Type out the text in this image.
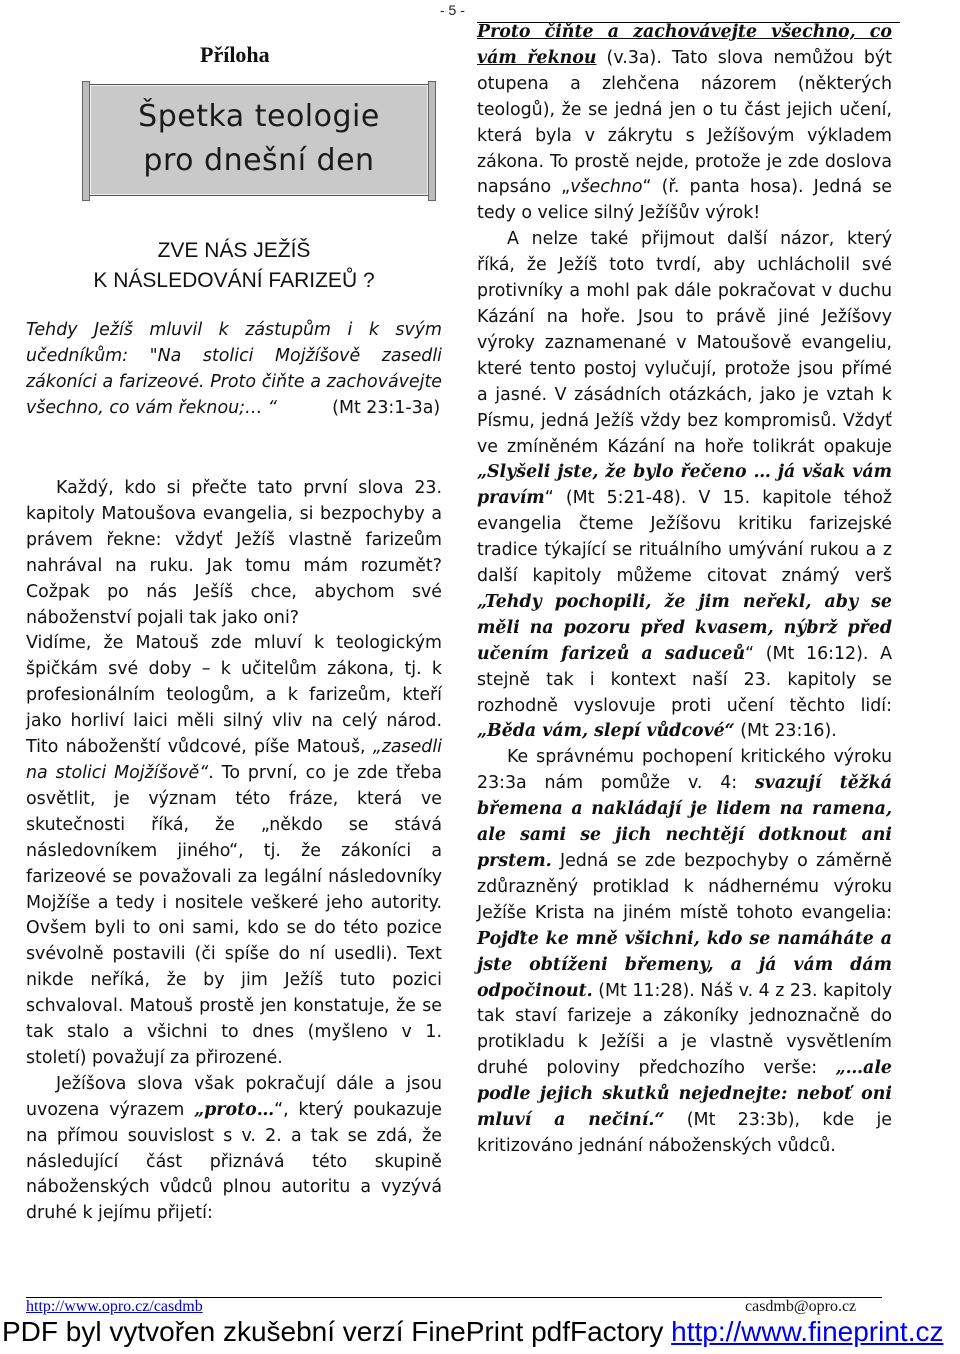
- 5 -
Příloha
Špetka teologie
pro dnešní den
ZVE NÁS JEŽÍŠ
K NÁSLEDOVÁNÍ FARIZEŮ ?

Tehdy Ježíš mluvil k zástupům i k svým učedníkům: "Na stolici Mojžíšově zasedli zákoníci a farizeové. Proto čiňte a zachovávejte všechno, co vám řeknou;… “	(Mt 23:1-3a)

Každý, kdo si přečte tato první slova 23. kapitoly Matoušova evangelia, si bezpochyby a právem řekne: vždyť Ježíš vlastně farizeům nahrával na ruku. Jak tomu mám rozumět? Cožpak po nás Ješíš chce, abychom své náboženství pojali tak jako oni?

Vidíme, že Matouš zde mluví k teologickým špičkám své doby – k učitelům zákona, tj. k profesionálním teologům, a k farizeům, kteří jako horliví laici měli silný vliv na celý národ. Tito náboženští vůdcové, píše Matouš, „zasedli na stolici Mojžíšově“. To první, co je zde třeba osvětlit, je význam této fráze, která ve skutečnosti říká, že „někdo se stává následovníkem jiného“, tj. že zákoníci a farizeové se považovali za legální následovníky Mojžíše a tedy i nositele veškeré jeho autority. Ovšem byli to oni sami, kdo se do této pozice svévolně postavili (či spíše do ní usedli). Text nikde neříká, že by jim Ježíš tuto pozici schvaloval. Matouš prostě jen konstatuje, že se tak stalo a všichni to dnes (myšleno v 1. století) považují za přirozené.

Ježíšova slova však pokračují dále a jsou uvozena výrazem „proto…“, který poukazuje na přímou souvislost s v. 2. a tak se zdá, že následující část přiznává této skupině náboženských vůdců plnou autoritu a vyzývá druhé k jejímu přijetí:

Proto čiňte a zachovávejte všechno, co vám řeknou (v.3a). Tato slova nemůžou být otupena a zlehčena názorem (některých teologů), že se jedná jen o tu část jejich učení, která byla v zákrytu s Ježíšovým výkladem zákona. To prostě nejde, protože je zde doslova napsáno „všechno“ (ř. panta hosa). Jedná se tedy o velice silný Ježíšův výrok!

A nelze také přijmout další názor, který říká, že Ježíš toto tvrdí, aby uchlácholil své protivníky a mohl pak dále pokračovat v duchu Kázání na hoře. Jsou to právě jiné Ježíšovy výroky zaznamenané v Matoušově evangeliu, které tento postoj vylučují, protože jsou přímé a jasné. V zásádních otázkách, jako je vztah k Písmu, jedná Ježíš vždy bez kompromisů. Vždyť ve zmíněném Kázání na hoře tolikrát opakuje „Slyšeli jste, že bylo řečeno … já však vám pravím“ (Mt 5:21-48). V 15. kapitole téhož evangelia čteme Ježíšovu kritiku farizejské tradice týkající se rituálního umývání rukou a z další kapitoly můžeme citovat známý verš „Tehdy pochopili, že jim neřekl, aby se měli na pozoru před kvasem, nýbrž před učením farizeů a saduceů“ (Mt 16:12). A stejně tak i kontext naší 23. kapitoly se rozhodně vyslovuje proti učení těchto lidí: „Běda vám, slepí vůdcové“ (Mt 23:16).

Ke správnému pochopení kritického výroku 23:3a nám pomůže v. 4: svazují těžká břemena a nakládají je lidem na ramena, ale sami se jich nechtějí dotknout ani prstem. Jedná se zde bezpochyby o záměrně zdůrazněný protiklad k nádhernému výroku Ježíše Krista na jiném místě tohoto evangelia: Pojďte ke mně všichni, kdo se namáháte a jste obtíženi břemeny, a já vám dám odpočinout. (Mt 11:28). Náš v. 4 z 23. kapitoly tak staví farizeje a zákoníky jednoznačně do protikladu k Ježíši a je vlastně vysvětlením druhé poloviny předchozího verše: „…ale podle jejich skutků nejednejte: neboť oni mluví a nečiní.“ (Mt 23:3b), kde je kritizováno jednání náboženských vůdců.

http://www.opro.cz/casdmb	casdmb@opro.cz
PDF byl vytvořen zkušební verzí FinePrint pdfFactory http://www.fineprint.cz
